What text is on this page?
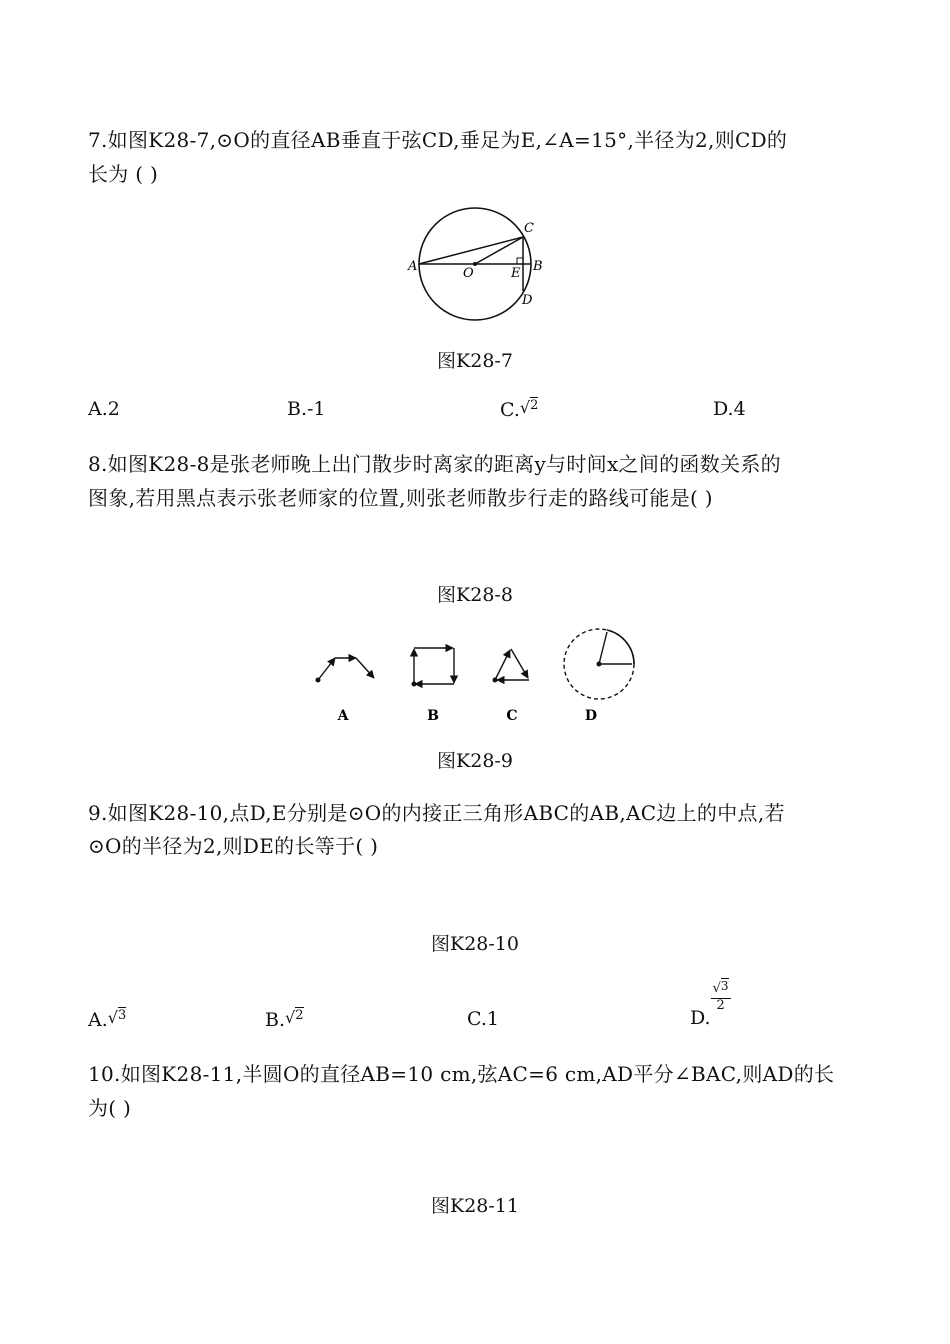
7.如图K28-7,⊙O的直径AB垂直于弦CD,垂足为E,∠A=15°,半径为2,则CD的
长为 ( )
A	O	E B
C
D
图K28-7
A.2	B.-1	C.√$^2$	D.4
8.如图K28-8是张老师晚上出门散步时离家的距离y与时间x之间的函数关系的
图象,若用黑点表示张老师家的位置,则张老师散步行走的路线可能是( )
图K28-8
A	B	C	D
图K28-9
9.如图K28-10,点D,E分别是⊙O的内接正三角形ABC的AB,AC边上的中点,若
⊙O的半径为2,则DE的长等于( )
图K28-10
A.√$^3$	B.√$^2$	C.1	D.
$\frac{√3}{2}$
10.如图K28-11,半圆O的直径AB=10 cm,弦AC=6 cm,AD平分∠BAC,则AD的长
为( )
图K28-11
